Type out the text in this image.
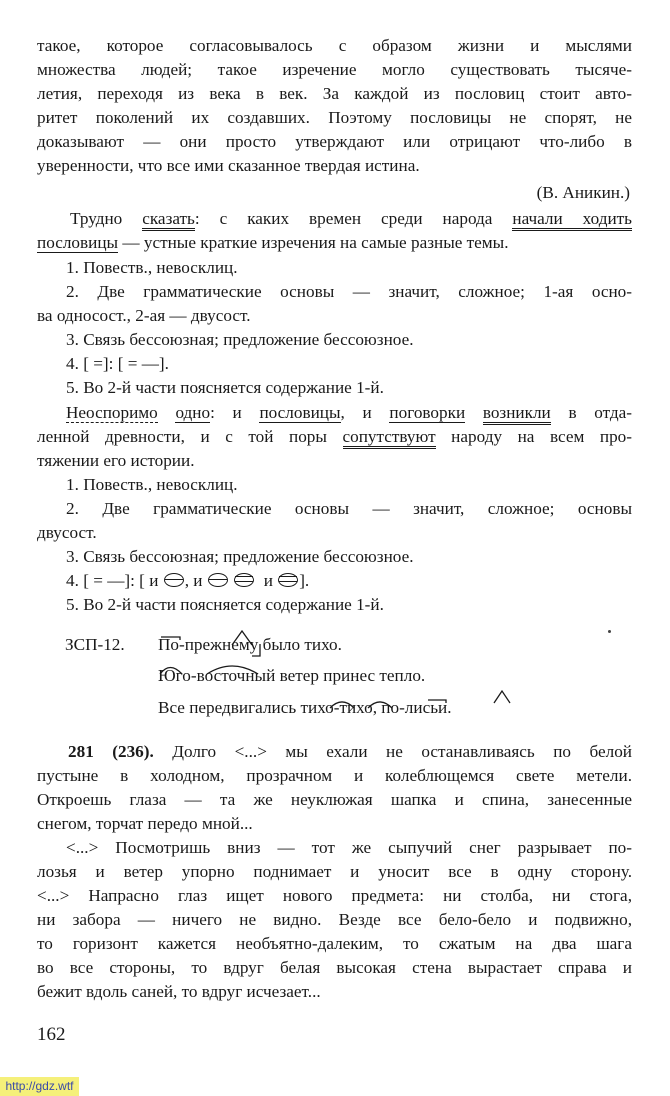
такое, которое согласовывалось с образом жизни и мыслями
множества людей; такое изречение могло существовать тысяче-
летия, переходя из века в век. За каждой из пословиц стоит авто-
ритет поколений их создавших. Поэтому пословицы не спорят, не
доказывают — они просто утверждают или отрицают что-либо в
уверенности, что все ими сказанное твердая истина.
(В. Аникин.)
Трудно сказать: с каких времен среди народа начали ходить
пословицы — устные краткие изречения на самые разные темы.
1. Повеств., невосклиц.
2. Две грамматические основы — значит, сложное; 1-ая осно-
ва односост., 2-ая — двусост.
3. Связь бессоюзная; предложение бессоюзное.
4. [ =]: [ = —].
5. Во 2-й части поясняется содержание 1-й.
Неоспоримо одно: и пословицы, и поговорки возникли в отда-
ленной древности, и с той поры сопутствуют народу на всем про-
тяжении его истории.
1. Повеств., невосклиц.
2. Две грамматические основы — значит, сложное; основы
двусост.
3. Связь бессоюзная; предложение бессоюзное.
4. [ = —]: [ и , и	и ].
5. Во 2-й части поясняется содержание 1-й.
ЗСП-12. По-прежнему было тихо.
Юго-восточный ветер принес тепло.
Все передвигались тихо-тихо, по-лисьи.
281 (236). Долго <...> мы ехали не останавливаясь по белой
пустыне в холодном, прозрачном и колеблющемся свете метели.
Откроешь глаза — та же неуклюжая шапка и спина, занесенные
снегом, торчат передо мной...
<...> Посмотришь вниз — тот же сыпучий снег разрывает по-
лозья и ветер упорно поднимает и уносит все в одну сторону.
<...> Напрасно глаз ищет нового предмета: ни столба, ни стога,
ни забора — ничего не видно. Везде все бело-бело и подвижно,
то горизонт кажется необъятно-далеким, то сжатым на два шага
во все стороны, то вдруг белая высокая стена вырастает справа и
бежит вдоль саней, то вдруг исчезает...
162
http://gdz.wtf
